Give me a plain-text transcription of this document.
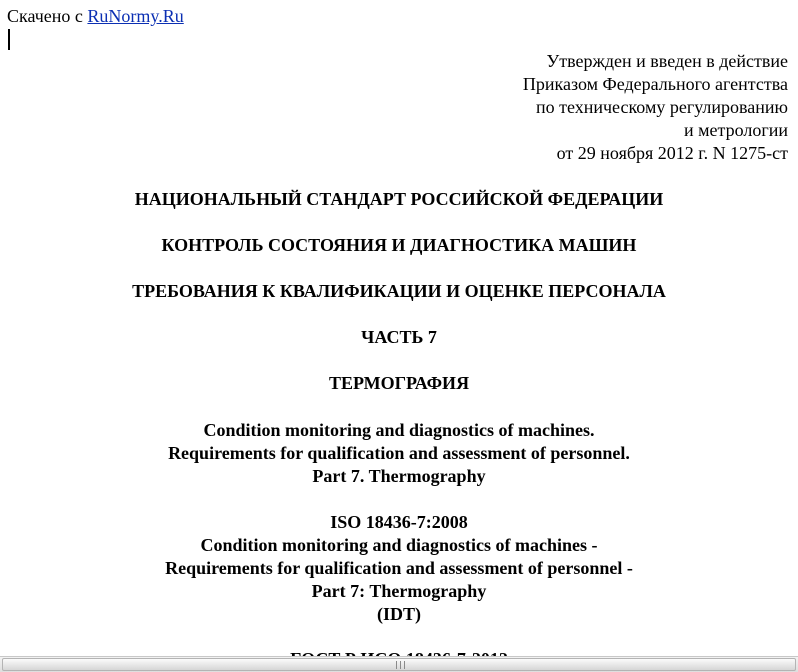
Скачено с RuNormy.Ru
Утвержден и введен в действие
Приказом Федерального агентства
по техническому регулированию
и метрологии
от 29 ноября 2012 г. N 1275-ст
НАЦИОНАЛЬНЫЙ СТАНДАРТ РОССИЙСКОЙ ФЕДЕРАЦИИ
КОНТРОЛЬ СОСТОЯНИЯ И ДИАГНОСТИКА МАШИН
ТРЕБОВАНИЯ К КВАЛИФИКАЦИИ И ОЦЕНКЕ ПЕРСОНАЛА
ЧАСТЬ 7
ТЕРМОГРАФИЯ
Condition monitoring and diagnostics of machines.
Requirements for qualification and assessment of personnel.
Part 7. Thermography
ISO 18436-7:2008
Condition monitoring and diagnostics of machines -
Requirements for qualification and assessment of personnel -
Part 7: Thermography
(IDT)
